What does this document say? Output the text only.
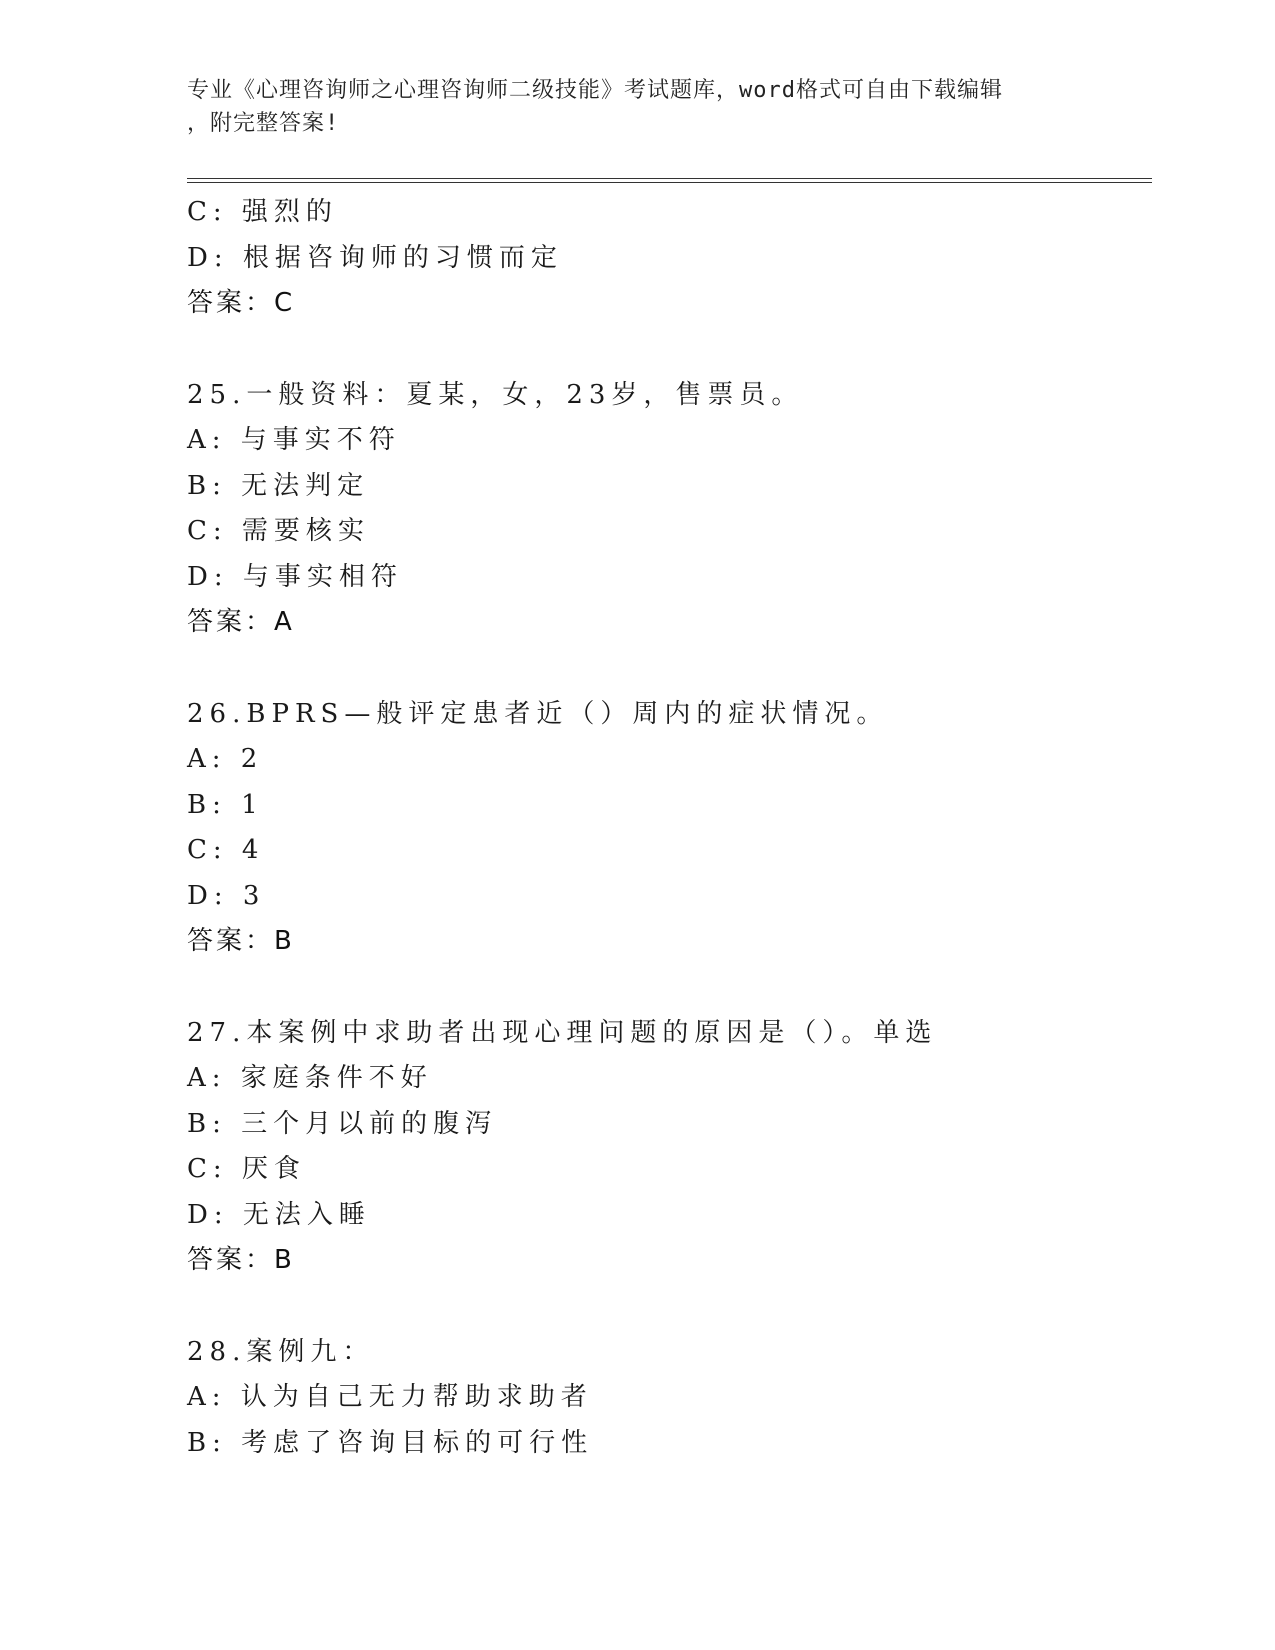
专业《心理咨询师之心理咨询师二级技能》考试题库，word格式可自由下载编辑
，附完整答案!
C: 强烈的
D: 根据咨询师的习惯而定
答案：C
25.一般资料：夏某，女，23岁，售票员。
A: 与事实不符
B: 无法判定
C: 需要核实
D: 与事实相符
答案：A
26.BPRS—般评定患者近（）周内的症状情况。
A: 2
B: 1
C: 4
D: 3
答案：B
27.本案例中求助者出现心理问题的原因是（）。单选
A: 家庭条件不好
B: 三个月以前的腹泻
C: 厌食
D: 无法入睡
答案：B
28.案例九：
A: 认为自己无力帮助求助者
B: 考虑了咨询目标的可行性
